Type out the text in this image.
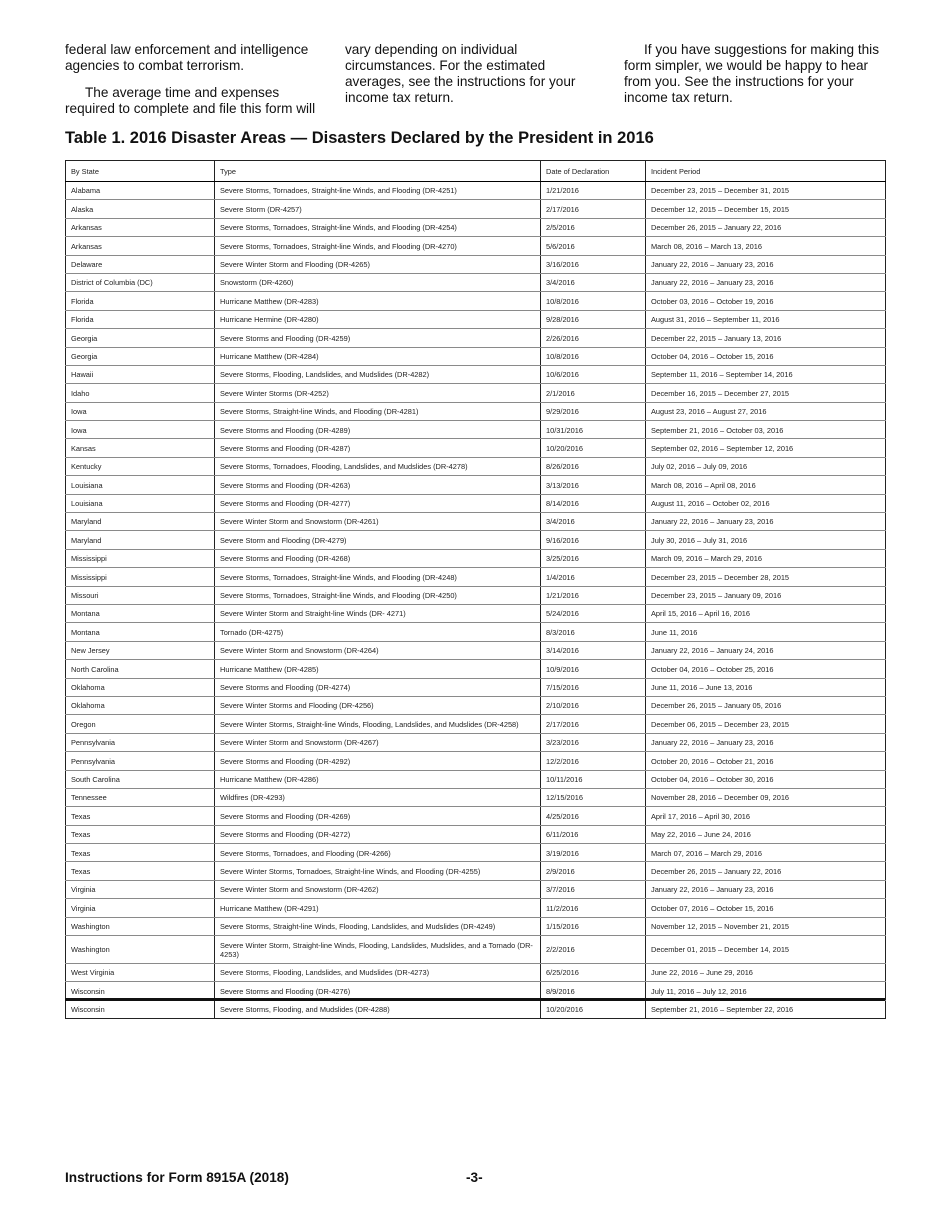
federal law enforcement and intelligence agencies to combat terrorism.

The average time and expenses required to complete and file this form will

vary depending on individual circumstances. For the estimated averages, see the instructions for your income tax return.

If you have suggestions for making this form simpler, we would be happy to hear from you. See the instructions for your income tax return.

Table 1. 2016 Disaster Areas — Disasters Declared by the President in 2016
By State	Type	Date of Declaration	Incident Period
Alabama	Severe Storms, Tornadoes, Straight-line Winds, and Flooding (DR-4251)	1/21/2016	December 23, 2015 – December 31, 2015
Alaska	Severe Storm (DR-4257)	2/17/2016	December 12, 2015 – December 15, 2015
Arkansas	Severe Storms, Tornadoes, Straight-line Winds, and Flooding (DR-4254)	2/5/2016	December 26, 2015 – January 22, 2016
Arkansas	Severe Storms, Tornadoes, Straight-line Winds, and Flooding (DR-4270)	5/6/2016	March 08, 2016 – March 13, 2016
Delaware	Severe Winter Storm and Flooding (DR-4265)	3/16/2016	January 22, 2016 – January 23, 2016
District of Columbia (DC)	Snowstorm (DR-4260)	3/4/2016	January 22, 2016 – January 23, 2016
Florida	Hurricane Matthew (DR-4283)	10/8/2016	October 03, 2016 – October 19, 2016
Florida	Hurricane Hermine (DR-4280)	9/28/2016	August 31, 2016 – September 11, 2016
Georgia	Severe Storms and Flooding (DR-4259)	2/26/2016	December 22, 2015 – January 13, 2016
Georgia	Hurricane Matthew (DR-4284)	10/8/2016	October 04, 2016 – October 15, 2016
Hawaii	Severe Storms, Flooding, Landslides, and Mudslides (DR-4282)	10/6/2016	September 11, 2016 – September 14, 2016
Idaho	Severe Winter Storms (DR-4252)	2/1/2016	December 16, 2015 – December 27, 2015
Iowa	Severe Storms, Straight-line Winds, and Flooding (DR-4281)	9/29/2016	August 23, 2016 – August 27, 2016
Iowa	Severe Storms and Flooding (DR-4289)	10/31/2016	September 21, 2016 – October 03, 2016
Kansas	Severe Storms and Flooding (DR-4287)	10/20/2016	September 02, 2016 – September 12, 2016
Kentucky	Severe Storms, Tornadoes, Flooding, Landslides, and Mudslides (DR-4278)	8/26/2016	July 02, 2016 – July 09, 2016
Louisiana	Severe Storms and Flooding (DR-4263)	3/13/2016	March 08, 2016 – April 08, 2016
Louisiana	Severe Storms and Flooding (DR-4277)	8/14/2016	August 11, 2016 – October 02, 2016
Maryland	Severe Winter Storm and Snowstorm (DR-4261)	3/4/2016	January 22, 2016 – January 23, 2016
Maryland	Severe Storm and Flooding (DR-4279)	9/16/2016	July 30, 2016 – July 31, 2016
Mississippi	Severe Storms and Flooding (DR-4268)	3/25/2016	March 09, 2016 – March 29, 2016
Mississippi	Severe Storms, Tornadoes, Straight-line Winds, and Flooding (DR-4248)	1/4/2016	December 23, 2015 – December 28, 2015
Missouri	Severe Storms, Tornadoes, Straight-line Winds, and Flooding (DR-4250)	1/21/2016	December 23, 2015 – January 09, 2016
Montana	Severe Winter Storm and Straight-line Winds (DR- 4271)	5/24/2016	April 15, 2016 – April 16, 2016
Montana	Tornado (DR-4275)	8/3/2016	June 11, 2016
New Jersey	Severe Winter Storm and Snowstorm (DR-4264)	3/14/2016	January 22, 2016 – January 24, 2016
North Carolina	Hurricane Matthew (DR-4285)	10/9/2016	October 04, 2016 – October 25, 2016
Oklahoma	Severe Storms and Flooding (DR-4274)	7/15/2016	June 11, 2016 – June 13, 2016
Oklahoma	Severe Winter Storms and Flooding (DR-4256)	2/10/2016	December 26, 2015 – January 05, 2016
Oregon	Severe Winter Storms, Straight-line Winds, Flooding, Landslides, and Mudslides (DR-4258)	2/17/2016	December 06, 2015 – December 23, 2015
Pennsylvania	Severe Winter Storm and Snowstorm (DR-4267)	3/23/2016	January 22, 2016 – January 23, 2016
Pennsylvania	Severe Storms and Flooding (DR-4292)	12/2/2016	October 20, 2016 – October 21, 2016
South Carolina	Hurricane Matthew (DR-4286)	10/11/2016	October 04, 2016 – October 30, 2016
Tennessee	Wildfires (DR-4293)	12/15/2016	November 28, 2016 – December 09, 2016
Texas	Severe Storms and Flooding (DR-4269)	4/25/2016	April 17, 2016 – April 30, 2016
Texas	Severe Storms and Flooding (DR-4272)	6/11/2016	May 22, 2016 – June 24, 2016
Texas	Severe Storms, Tornadoes, and Flooding (DR-4266)	3/19/2016	March 07, 2016 – March 29, 2016
Texas	Severe Winter Storms, Tornadoes, Straight-line Winds, and Flooding (DR-4255)	2/9/2016	December 26, 2015 – January 22, 2016
Virginia	Severe Winter Storm and Snowstorm (DR-4262)	3/7/2016	January 22, 2016 – January 23, 2016
Virginia	Hurricane Matthew (DR-4291)	11/2/2016	October 07, 2016 – October 15, 2016
Washington	Severe Storms, Straight-line Winds, Flooding, Landslides, and Mudslides (DR-4249)	1/15/2016	November 12, 2015 – November 21, 2015
Washington	Severe Winter Storm, Straight-line Winds, Flooding, Landslides, Mudslides, and a Tornado (DR-4253)	2/2/2016	December 01, 2015 – December 14, 2015
West Virginia	Severe Storms, Flooding, Landslides, and Mudslides (DR-4273)	6/25/2016	June 22, 2016 – June 29, 2016
Wisconsin	Severe Storms and Flooding (DR-4276)	8/9/2016	July 11, 2016 – July 12, 2016
Wisconsin	Severe Storms, Flooding, and Mudslides (DR-4288)	10/20/2016	September 21, 2016 – September 22, 2016
Instructions for Form 8915A (2018)	-3-
